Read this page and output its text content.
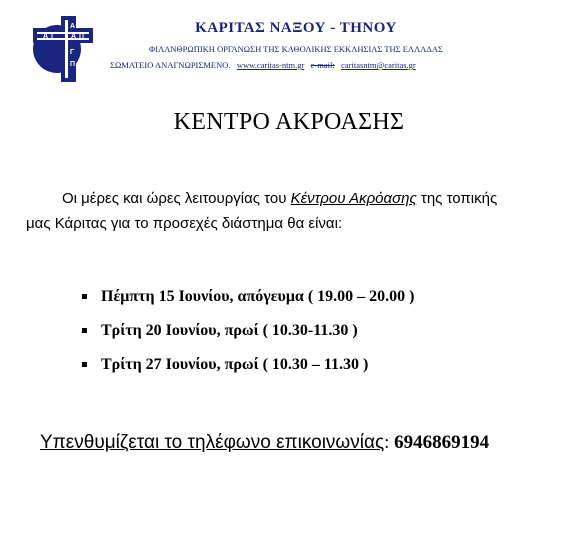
Α Γ Α Π
Α
Γ
Π
ΚΑΡΙΤΑΣ ΝΑΞΟΥ - ΤΗΝΟΥ
ΦΙΛΑΝΘΡΩΠΙΚΗ ΟΡΓΑΝΩΣΗ ΤΗΣ ΚΑΘΟΛΙΚΗΣ ΕΚΚΛΗΣΙΑΣ ΤΗΣ ΕΛΛΑΔΑΣ
ΣΩΜΑΤΕΙΟ ΑΝΑΓΝΩΡΙΣΜΕΝΟ. www.caritas-ntm.gr e-mail: caritasntm@caritas.gr
ΚΕΝΤΡΟ ΑΚΡΟΑΣΗΣ
Οι μέρες και ώρες λειτουργίας του Κέντρου Ακρόασης της τοπικής
μας Κάριτας για το προσεχές διάστημα θα είναι:
Πέμπτη 15 Ιουνίου, απόγευμα ( 19.00 – 20.00 )
Τρίτη 20 Ιουνίου, πρωί ( 10.30-11.30 )
Τρίτη 27 Ιουνίου, πρωί ( 10.30 – 11.30 )
Υπενθυμίζεται το τηλέφωνο επικοινωνίας: 6946869194
